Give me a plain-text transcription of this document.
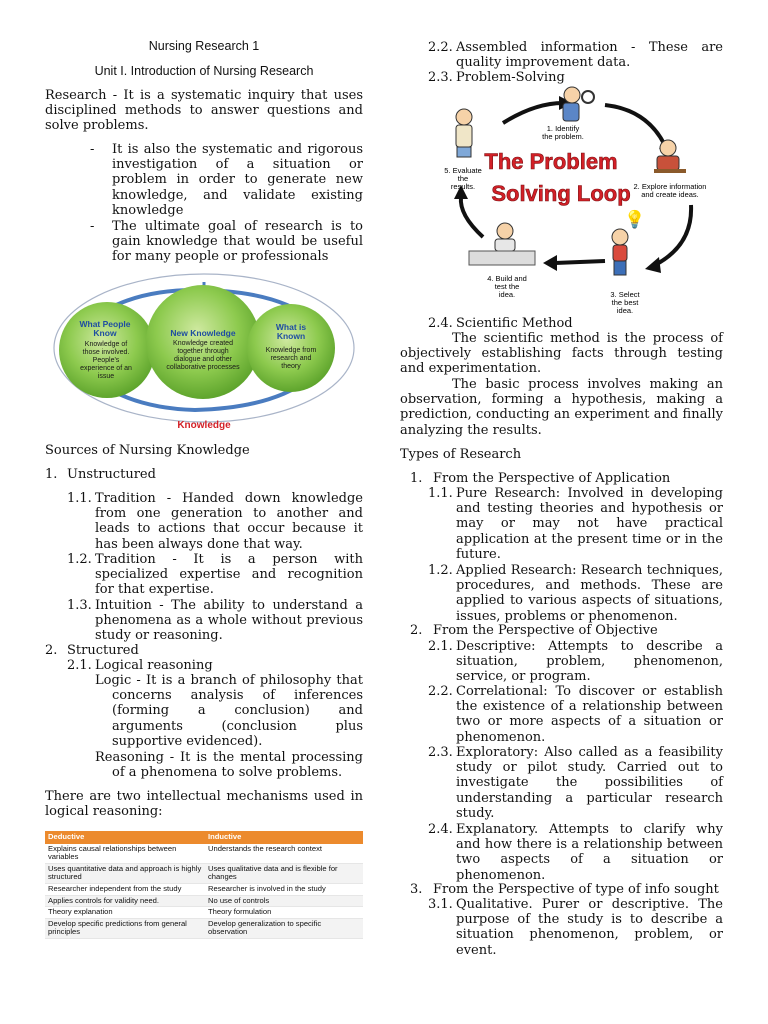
Nursing Research 1
Unit I. Introduction of Nursing Research
Research - It is a systematic inquiry that uses disciplined methods to answer questions and solve problems.
-	It is also the systematic and rigorous investigation of a situation or problem in order to generate new knowledge, and validate existing knowledge
-	The ultimate goal of research is to gain knowledge that would be useful for many people or professionals
What People Know	New Knowledge
What is Known
Knowledge of those involved. People's experience of an issue
Knowledge created together through dialogue and other collaborative processes
Knowledge from research and theory
Knowledge
Sources of Nursing Knowledge
1. Unstructured
1.1. Tradition - Handed down knowledge from one generation to another and leads to actions that occur because it has been always done that way.
1.2. Tradition - It is a person with specialized expertise and recognition for that expertise.
1.3. Intuition - The ability to understand a phenomena as a whole without previous study or reasoning.
2. Structured
2.1. Logical reasoning
Logic - It is a branch of philosophy that concerns analysis of inferences (forming a conclusion) and arguments (conclusion plus supportive evidenced).
Reasoning - It is the mental processing of a phenomena to solve problems.
There are two intellectual mechanisms used in logical reasoning:
Deductive	Inductive
Explains causal relationships between variables	Understands the research context
Uses quantitative data and approach is highly structured	Uses qualitative data and is flexible for changes
Researcher independent from the study	Researcher is involved in the study
Applies controls for validity need.	No use of controls
Theory explanation	Theory formulation
Develop specific predictions from general principles	Develop generalization to specific observation
2.2. Assembled information - These are quality improvement data.
2.3. Problem-Solving
💡
The Problem
Solving Loop
1. Identify the problem.
2. Explore information and create ideas.
3. Select the best idea.
4. Build and test the idea.
5. Evaluate the results.
2.4. Scientific Method
The scientific method is the process of objectively establishing facts through testing and experimentation.
The basic process involves making an observation, forming a hypothesis, making a prediction, conducting an experiment and finally analyzing the results.
Types of Research
1. From the Perspective of Application
1.1. Pure Research: Involved in developing and testing theories and hypothesis or may or may not have practical application at the present time or in the future.
1.2. Applied Research: Research techniques, procedures, and methods. These are applied to various aspects of situations, issues, problems or phenomenon.
2. From the Perspective of Objective
2.1. Descriptive: Attempts to describe a situation, problem, phenomenon, service, or program.
2.2. Correlational: To discover or establish the existence of a relationship between two or more aspects of a situation or phenomenon.
2.3. Exploratory: Also called as a feasibility study or pilot study. Carried out to investigate the possibilities of understanding a particular research study.
2.4. Explanatory. Attempts to clarify why and how there is a relationship between two aspects of a situation or phenomenon.
3. From the Perspective of type of info sought
3.1. Qualitative. Purer or descriptive. The purpose of the study is to describe a situation phenomenon, problem, or event.
